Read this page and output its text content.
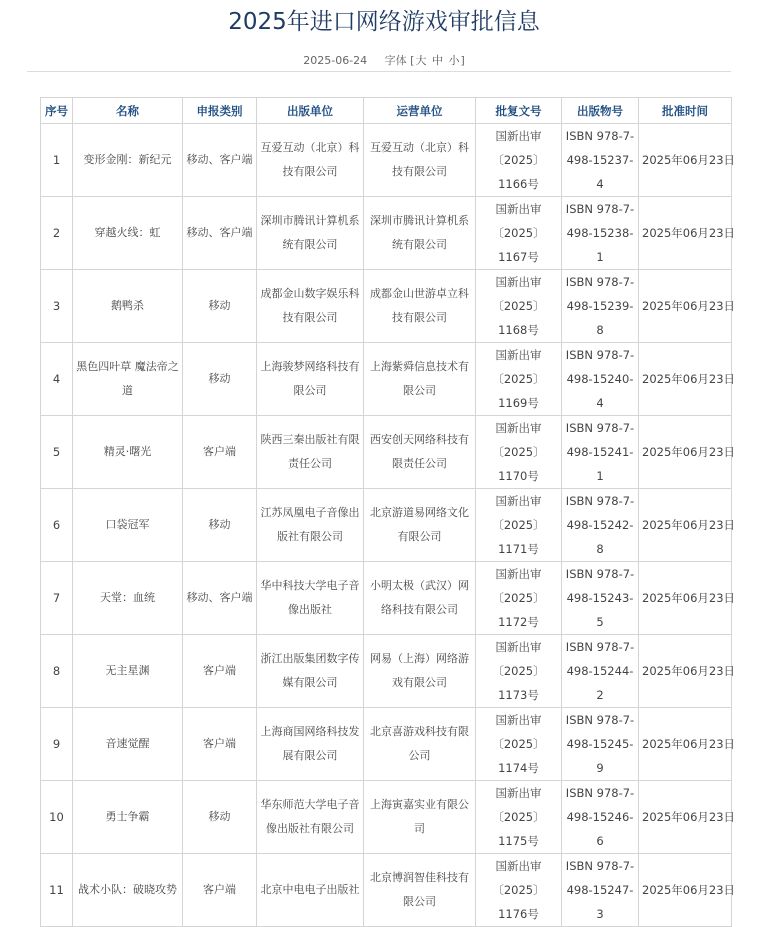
2025年进口网络游戏审批信息
2025-06-24 字体 [大 中 小]
序号	名称	申报类别	出版单位	运营单位	批复文号	出版物号	批准时间
1	变形金刚：新纪元	移动、客户端	互爱互动（北京）科技有限公司	互爱互动（北京）科技有限公司	国新出审〔2025〕1166号	ISBN 978-7-498-15237-4	2025年06月23日
2	穿越火线：虹	移动、客户端	深圳市腾讯计算机系统有限公司	深圳市腾讯计算机系统有限公司	国新出审〔2025〕1167号	ISBN 978-7-498-15238-1	2025年06月23日
3	鹅鸭杀	移动	成都金山数字娱乐科技有限公司	成都金山世游卓立科技有限公司	国新出审〔2025〕1168号	ISBN 978-7-498-15239-8	2025年06月23日
4	黑色四叶草 魔法帝之道	移动	上海骏梦网络科技有限公司	上海紫舜信息技术有限公司	国新出审〔2025〕1169号	ISBN 978-7-498-15240-4	2025年06月23日
5	精灵·曙光	客户端	陕西三秦出版社有限责任公司	西安创天网络科技有限责任公司	国新出审〔2025〕1170号	ISBN 978-7-498-15241-1	2025年06月23日
6	口袋冠军	移动	江苏凤凰电子音像出版社有限公司	北京游道易网络文化有限公司	国新出审〔2025〕1171号	ISBN 978-7-498-15242-8	2025年06月23日
7	天堂：血统	移动、客户端	华中科技大学电子音像出版社	小明太极（武汉）网络科技有限公司	国新出审〔2025〕1172号	ISBN 978-7-498-15243-5	2025年06月23日
8	无主星渊	客户端	浙江出版集团数字传媒有限公司	网易（上海）网络游戏有限公司	国新出审〔2025〕1173号	ISBN 978-7-498-15244-2	2025年06月23日
9	音速觉醒	客户端	上海商国网络科技发展有限公司	北京喜游戏科技有限公司	国新出审〔2025〕1174号	ISBN 978-7-498-15245-9	2025年06月23日
10	勇士争霸	移动	华东师范大学电子音像出版社有限公司	上海寅嘉实业有限公司	国新出审〔2025〕1175号	ISBN 978-7-498-15246-6	2025年06月23日
11	战术小队：破晓攻势	客户端	北京中电电子出版社	北京博润智佳科技有限公司	国新出审〔2025〕1176号	ISBN 978-7-498-15247-3	2025年06月23日
